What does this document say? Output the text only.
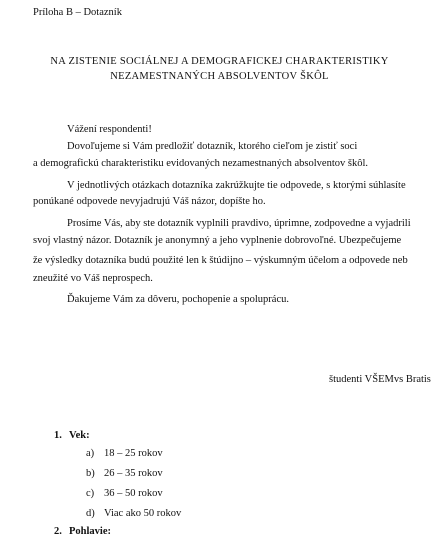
Príloha B – Dotazník
NA ZISTENIE SOCIÁLNEJ A DEMOGRAFICKEJ CHARAKTERISTIKY
NEZAMESTNANÝCH ABSOLVENTOV ŠKÔL
Vážení respondenti!
Dovoľujeme si Vám predložiť dotazník, ktorého cieľom je zistiť soci
a demografickú charakteristiku evidovaných nezamestnaných absolventov škôl.
V jednotlivých otázkach dotazníka zakrúžkujte tie odpovede, s ktorými súhlasíte
ponúkané odpovede nevyjadrujú Váš názor, dopíšte ho.
Prosíme Vás, aby ste dotazník vyplnili pravdivo, úprimne, zodpovedne a vyjadrili
svoj vlastný názor. Dotazník je anonymný a jeho vyplnenie dobrovoľné. Ubezpečujeme
že výsledky dotazníka budú použité len k štúdijno – výskumným účelom a odpovede neb
zneužité vo Váš neprospech.
Ďakujeme Vám za dôveru, pochopenie a spoluprácu.
študenti VŠEMvs Bratis
1. Vek:
a) 18 – 25 rokov
b) 26 – 35 rokov
c) 36 – 50 rokov
d) Viac ako 50 rokov
2. Pohlavie:
